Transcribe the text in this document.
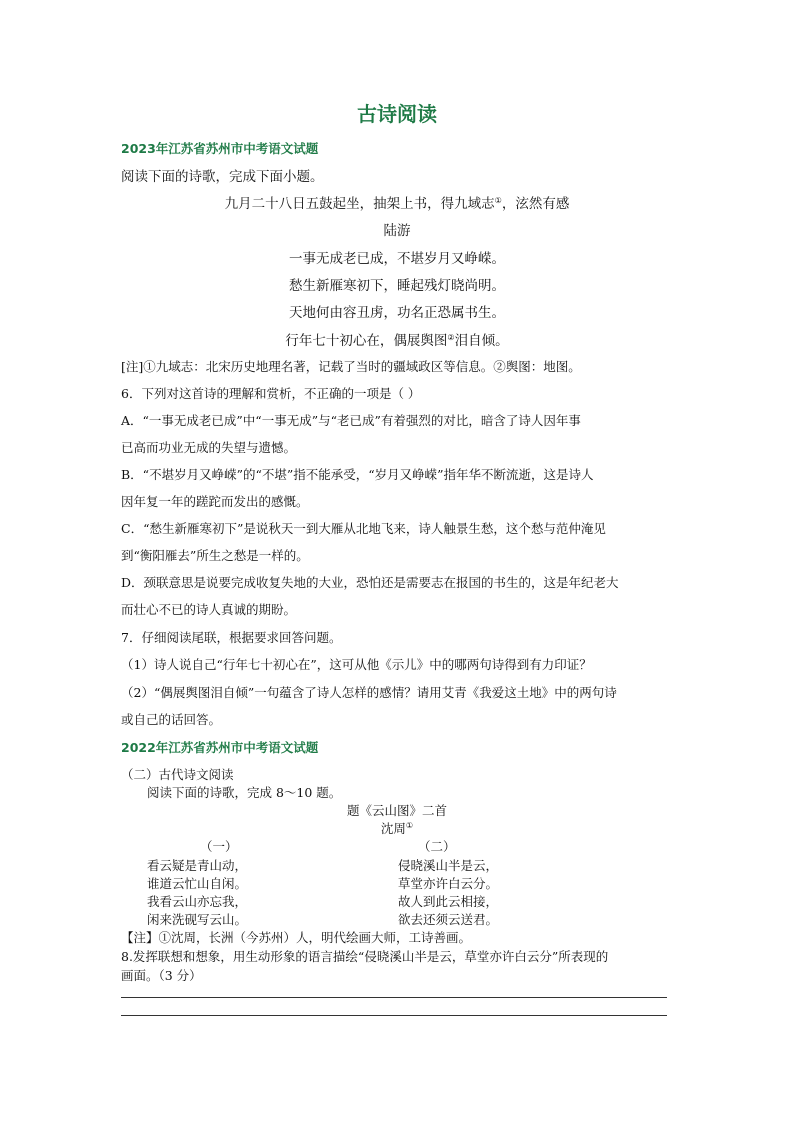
古诗阅读
2023年江苏省苏州市中考语文试题
阅读下面的诗歌，完成下面小题。
九月二十八日五鼓起坐，抽架上书，得九域志①，泫然有感
陆游
一事无成老已成，不堪岁月又峥嵘。
愁生新雁寒初下，睡起残灯晓尚明。
天地何由容丑虏，功名正恐属书生。
行年七十初心在，偶展舆图②泪自倾。
[注]①九域志：北宋历史地理名著，记载了当时的疆域政区等信息。②舆图：地图。
6．下列对这首诗的理解和赏析，不正确的一项是（ ）
A．“一事无成老已成”中“一事无成”与“老已成”有着强烈的对比，暗含了诗人因年事
已高而功业无成的失望与遗憾。
B．“不堪岁月又峥嵘”的“不堪”指不能承受，“岁月又峥嵘”指年华不断流逝，这是诗人
因年复一年的蹉跎而发出的感慨。
C．“愁生新雁寒初下”是说秋天一到大雁从北地飞来，诗人触景生愁，这个愁与范仲淹见
到“衡阳雁去”所生之愁是一样的。
D．颈联意思是说要完成收复失地的大业，恐怕还是需要志在报国的书生的，这是年纪老大
而壮心不已的诗人真诚的期盼。
7．仔细阅读尾联，根据要求回答问题。
（1）诗人说自己“行年七十初心在”，这可从他《示儿》中的哪两句诗得到有力印证？
（2）“偶展舆图泪自倾”一句蕴含了诗人怎样的感情？请用艾青《我爱这土地》中的两句诗
或自己的话回答。
2022年江苏省苏州市中考语文试题
（二）古代诗文阅读
阅读下面的诗歌，完成 8～10 题。
题《云山图》二首
沈周①
（一）	（二）
看云疑是青山动，
谁道云忙山自闲。
我看云山亦忘我，
闲来洗砚写云山。
侵晓溪山半是云，
草堂亦许白云分。
故人到此云相接，
欲去还须云送君。
【注】①沈周，长洲（今苏州）人，明代绘画大师，工诗善画。
8.发挥联想和想象，用生动形象的语言描绘“侵晓溪山半是云，草堂亦许白云分”所表现的
画面。（3 分）
